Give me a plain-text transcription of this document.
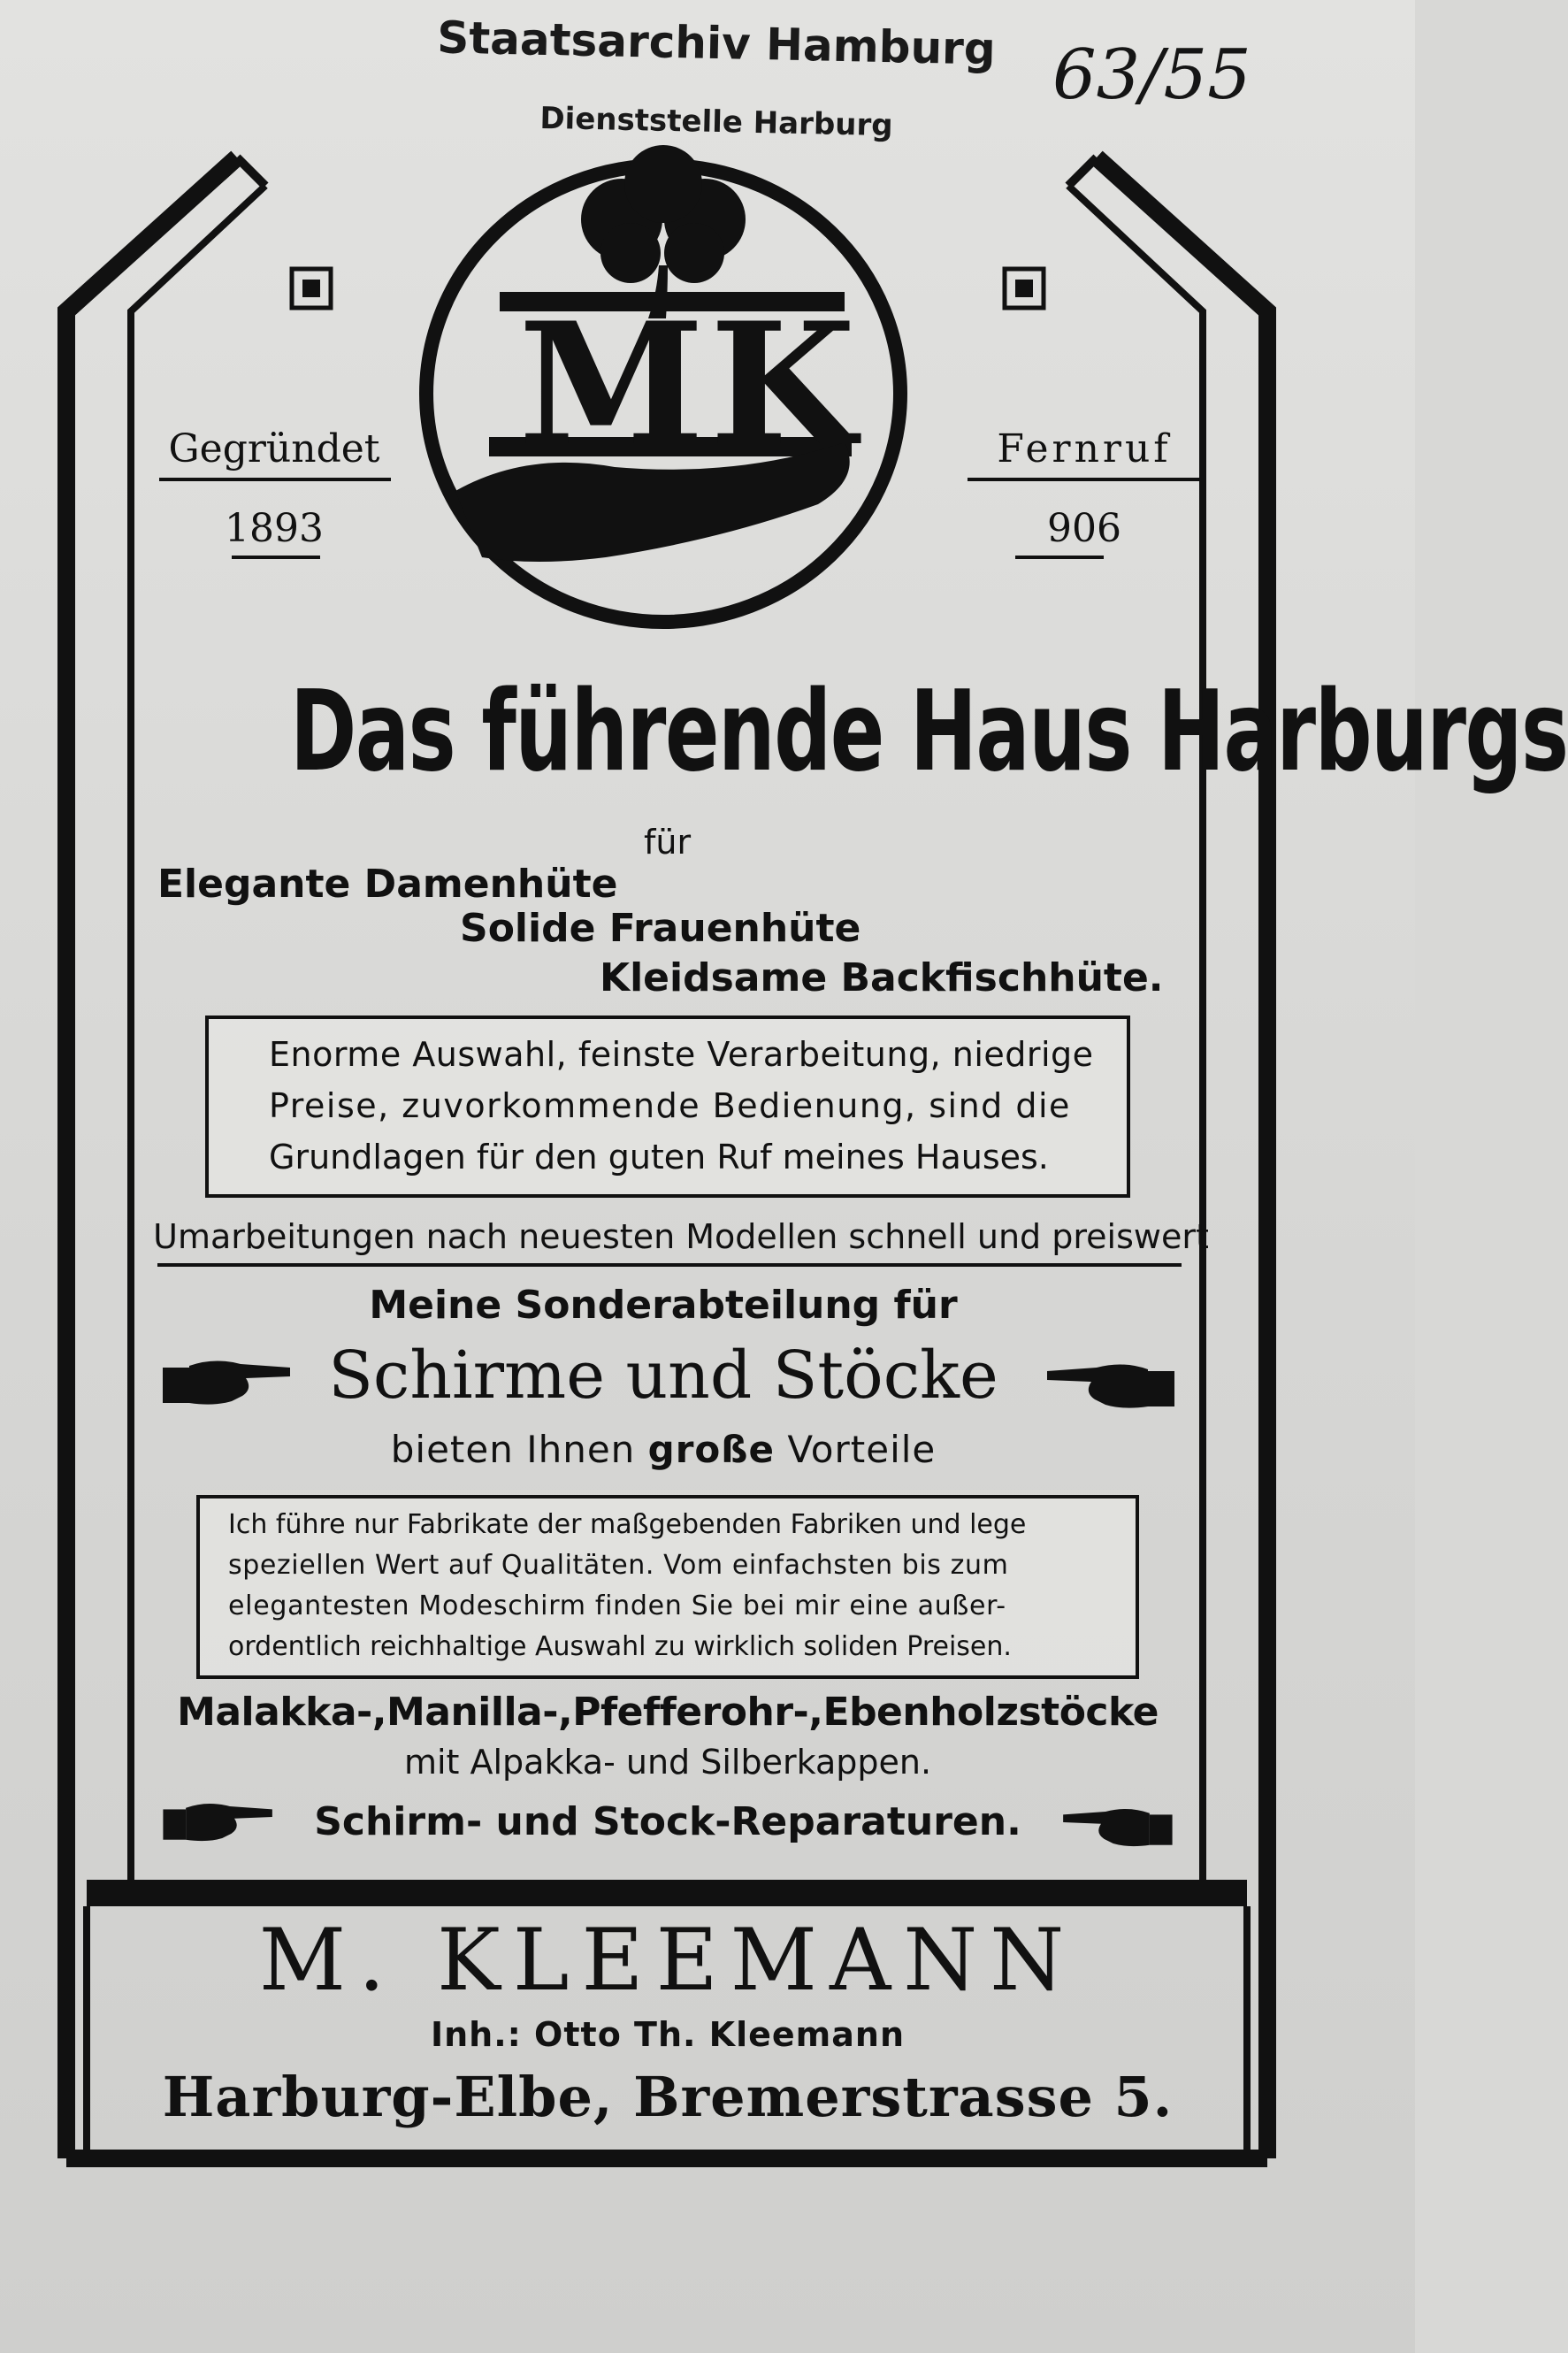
Staatsarchiv Hamburg
Dienststelle Harburg
63/55
MK
Gegründet
1893
Fernruf
906
Das führende Haus Harburgs
für
Elegante Damenhüte
Solide Frauenhüte
Kleidsame Backfischhüte.
Enorme Auswahl, feinste Verarbeitung, niedrige
Preise, zuvorkommende Bedienung, sind die
Grundlagen für den guten Ruf meines Hauses.
Umarbeitungen nach neuesten Modellen schnell und preiswert
Meine Sonderabteilung für
Schirme und Stöcke
bieten Ihnen große Vorteile
Ich führe nur Fabrikate der maßgebenden Fabriken und lege
speziellen Wert auf Qualitäten. Vom einfachsten bis zum
elegantesten Modeschirm finden Sie bei mir eine außer-
ordentlich reichhaltige Auswahl zu wirklich soliden Preisen.
Malakka-,Manilla-,Pfefferohr-,Ebenholzstöcke
mit Alpakka- und Silberkappen.
Schirm- und Stock-Reparaturen.
M. KLEEMANN
Inh.: Otto Th. Kleemann
Harburg-Elbe, Bremerstrasse 5.
